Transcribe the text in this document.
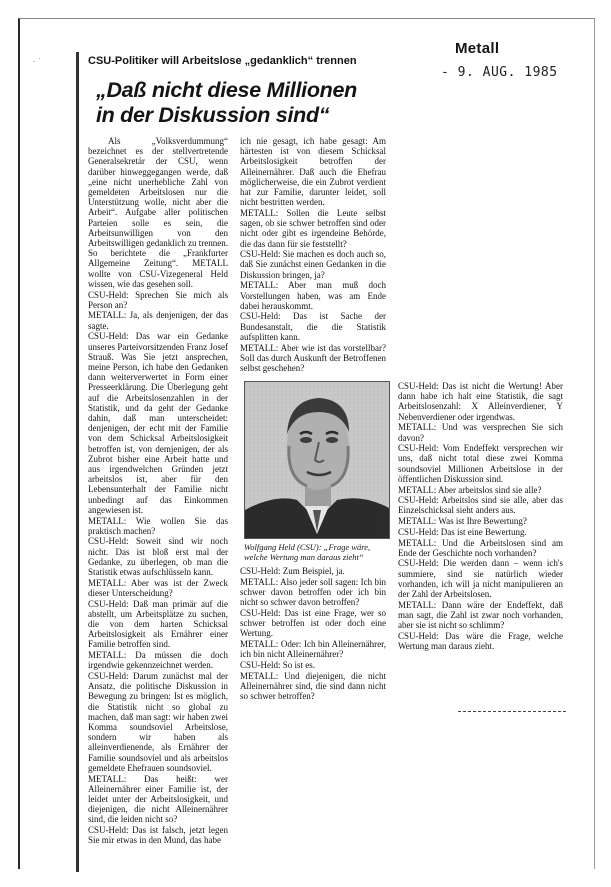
· ˙
Metall
- 9. AUG. 1985
CSU-Politiker will Arbeitslose „gedanklich“ trennen
„Daß nicht diese Millionen
in der Diskussion sind“

Als „Volksverdummung“ bezeichnet es der stellvertretende Generalsekretär der CSU, wenn darüber hinweggegangen werde, daß „eine nicht unerhebliche Zahl von gemeldeten Arbeitslosen nur die Unterstützung wolle, nicht aber die Arbeit“. Aufgabe aller politischen Parteien solle es sein, die Arbeitsunwilligen von den Arbeitswilligen gedanklich zu trennen. So berichtete die „Frankfurter Allgemeine Zeitung“. METALL wollte von CSU-Vizegeneral Held wissen, wie das gesehen soll.

CSU-Held: Sprechen Sie mich als Person an?

METALL: Ja, als denjenigen, der das sagte.

CSU-Held: Das war ein Gedanke unseres Parteivorsitzenden Franz Josef Strauß. Was Sie jetzt ansprechen, meine Person, ich habe den Gedanken dann weiterverwertet in Form einer Presseerklärung. Die Überlegung geht auf die Arbeitslosenzahlen in der Statistik, und da geht der Gedanke dahin, daß man unterscheidet: denjenigen, der echt mit der Familie von dem Schicksal Arbeitslosigkeit betroffen ist, von demjenigen, der als Zubrot bisher eine Arbeit hatte und aus irgendwelchen Gründen jetzt arbeitslos ist, aber für den Lebensunterhalt der Familie nicht unbedingt auf das Einkommen angewiesen ist.

METALL: Wie wollen Sie das praktisch machen?

CSU-Held: Soweit sind wir noch nicht. Das ist bloß erst mal der Gedanke, zu überlegen, ob man die Statistik etwas aufschlüsseln kann.

METALL: Aber was ist der Zweck dieser Unterscheidung?

CSU-Held: Daß man primär auf die abstellt, um Arbeitsplätze zu suchen, die von dem harten Schicksal Arbeitslosigkeit als Ernährer einer Familie betroffen sind.

METALL: Da müssen die doch irgendwie gekennzeichnet werden.

CSU-Held: Darum zunächst mal der Ansatz, die politische Diskussion in Bewegung zu bringen: Ist es möglich, die Statistik nicht so global zu machen, daß man sagt: wir haben zwei Komma soundsoviel Arbeitslose, sondern wir haben als alleinverdienende, als Ernährer der Familie soundsoviel und als arbeitslos gemeldete Ehefrauen soundsoviel.

METALL: Das heißt: wer Alleinernährer einer Familie ist, der leidet unter der Arbeitslosigkeit, und diejenigen, die nicht Alleinernährer sind, die leiden nicht so?

CSU-Held: Das ist falsch, jetzt legen Sie mir etwas in den Mund, das habe

ich nie gesagt, ich habe gesagt: Am härtesten ist von diesem Schicksal Arbeitslosigkeit betroffen der Alleinernährer. Daß auch die Ehefrau möglicherweise, die ein Zubrot verdient hat zur Familie, darunter leidet, soll nicht bestritten werden.

METALL: Sollen die Leute selbst sagen, ob sie schwer betroffen sind oder nicht oder gibt es irgendeine Behörde, die das dann für sie feststellt?

CSU-Held: Sie machen es doch auch so, daß Sie zunächst einen Gedanken in die Diskussion bringen, ja?

METALL: Aber man muß doch Vorstellungen haben, was am Ende dabei herauskommt.

CSU-Held: Das ist Sache der Bundesanstalt, die die Statistik aufsplitten kann.

METALL: Aber wie ist das vorstellbar? Soll das durch Auskunft der Betroffenen selbst geschehen?

Foto: dpa
Wolfgang Held (CSU): „Frage wäre, welche Wertung man daraus zieht“

CSU-Held: Zum Beispiel, ja.

METALL: Also jeder soll sagen: Ich bin schwer davon betroffen oder ich bin nicht so schwer davon betroffen?

CSU-Held: Das ist eine Frage, wer so schwer betroffen ist oder doch eine Wertung.

METALL: Oder: Ich bin Alleinernährer, ich bin nicht Alleinernährer?

CSU-Held: So ist es.

METALL: Und diejenigen, die nicht Alleinernährer sind, die sind dann nicht so schwer betroffen?

CSU-Held: Das ist nicht die Wertung! Aber dann habe ich halt eine Statistik, die sagt Arbeitslosenzahl: X Alleinverdiener, Y Nebenverdiener oder irgendwas.

METALL: Und was versprechen Sie sich davon?

CSU-Held: Vom Endeffekt versprechen wir uns, daß nicht total diese zwei Komma soundsoviel Millionen Arbeitslose in der öffentlichen Diskussion sind.

METALL: Aber arbeitslos sind sie alle?

CSU-Held: Arbeitslos sind sie alle, aber das Einzelschicksal sieht anders aus.

METALL: Was ist Ihre Bewertung?

CSU-Held: Das ist eine Bewertung.

METALL: Und die Arbeitslosen sind am Ende der Geschichte noch vorhanden?

CSU-Held: Die werden dann – wenn ich's summiere, sind sie natürlich wieder vorhanden, ich will ja nicht manipulieren an der Zahl der Arbeitslosen.

METALL: Dann wäre der Endeffekt, daß man sagt, die Zahl ist zwar noch vorhanden, aber sie ist nicht so schlimm?

CSU-Held: Das wäre die Frage, welche Wertung man daraus zieht.
